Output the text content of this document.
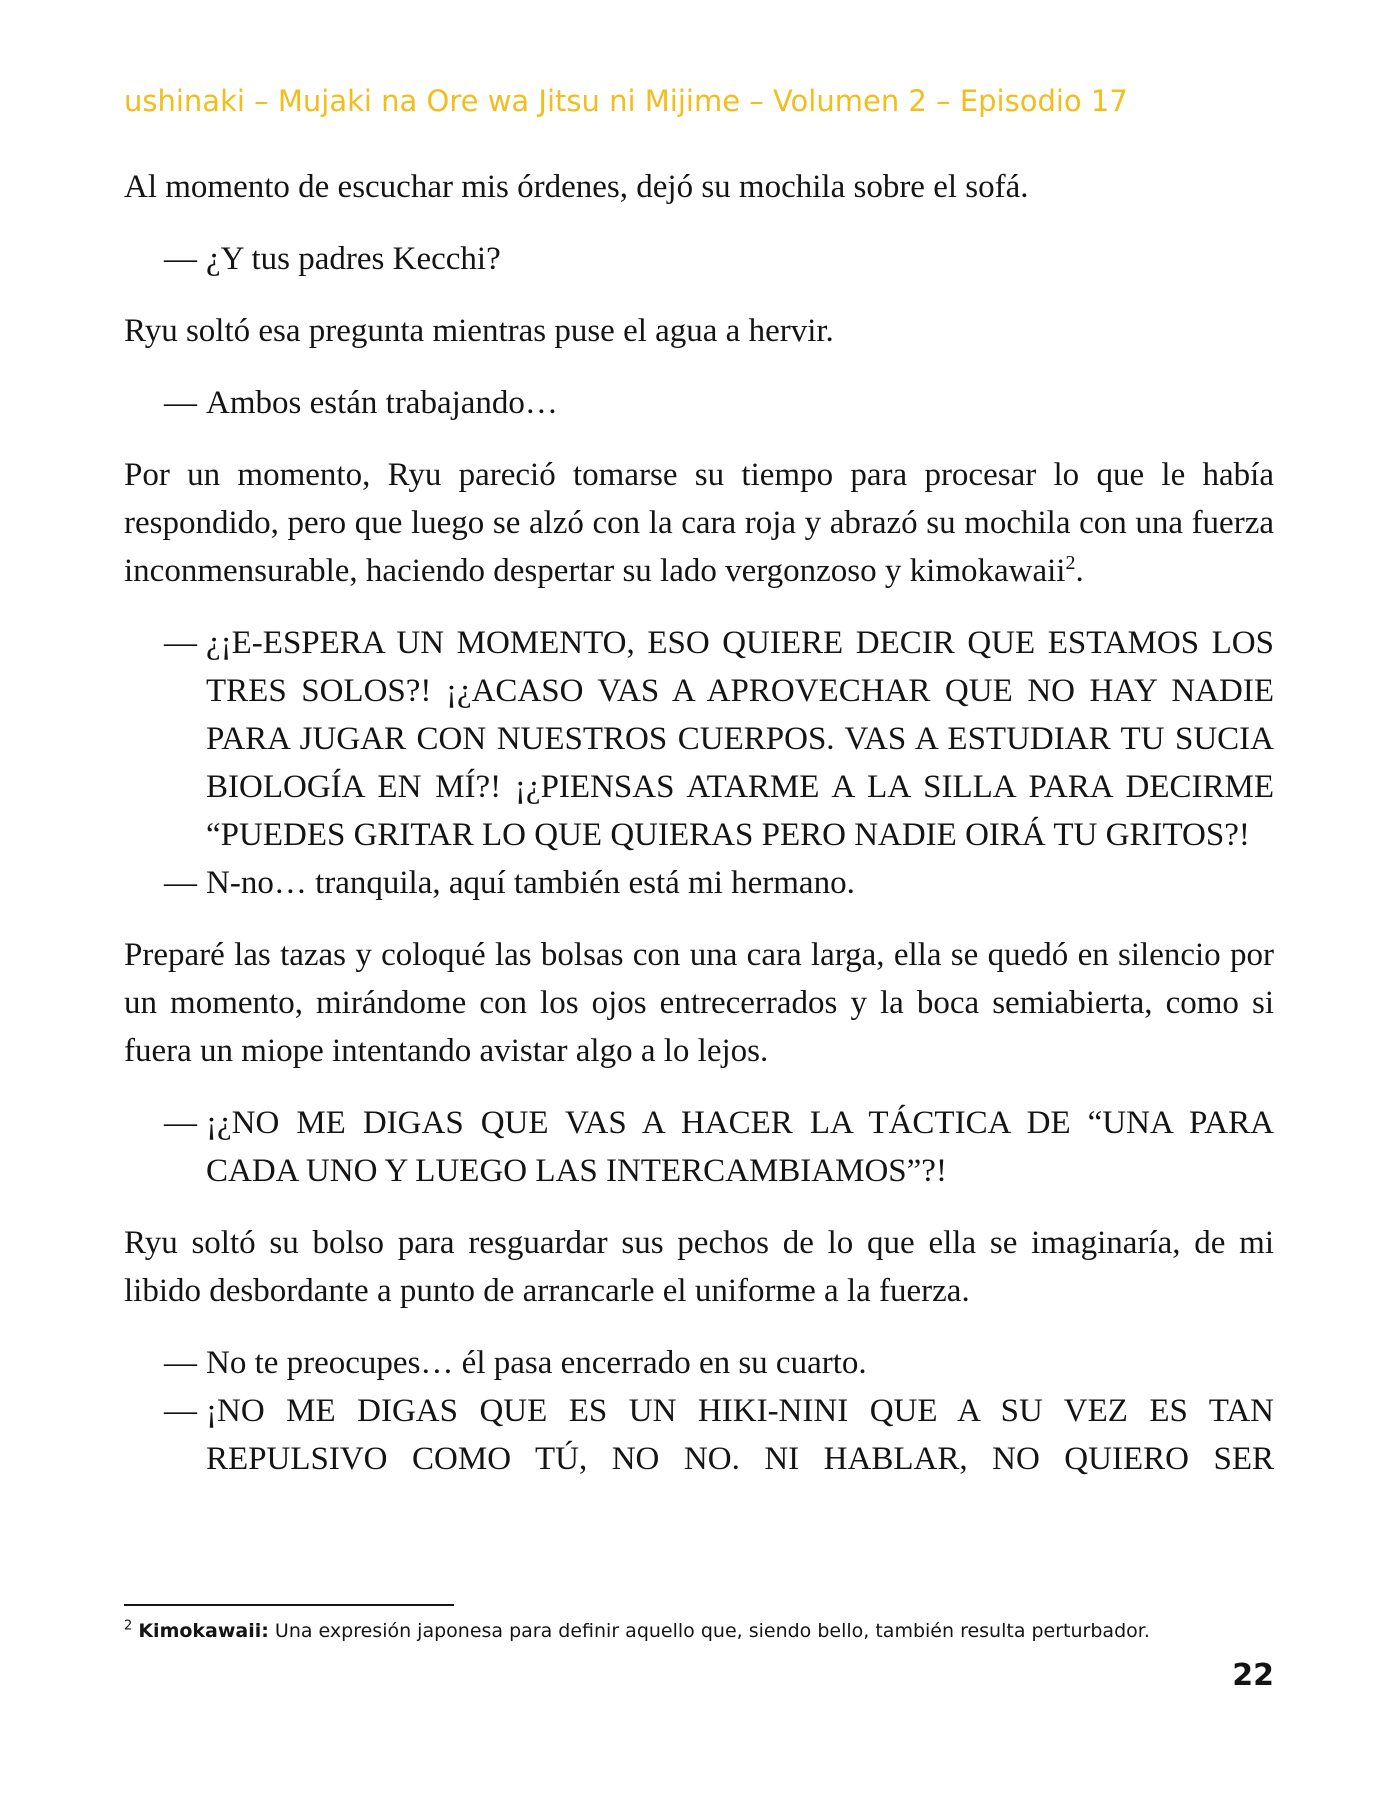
ushinaki – Mujaki na Ore wa Jitsu ni Mijime – Volumen 2 – Episodio 17

Al momento de escuchar mis órdenes, dejó su mochila sobre el sofá.

— ¿Y tus padres Kecchi?

Ryu soltó esa pregunta mientras puse el agua a hervir.

— Ambos están trabajando…

Por un momento, Ryu pareció tomarse su tiempo para procesar lo que le había respondido, pero que luego se alzó con la cara roja y abrazó su mochila con una fuerza inconmensurable, haciendo despertar su lado vergonzoso y kimokawaii$^2$.

— ¿¡E-ESPERA UN MOMENTO, ESO QUIERE DECIR QUE ESTAMOS LOS TRES SOLOS?! ¡¿ACASO VAS A APROVECHAR QUE NO HAY NADIE PARA JUGAR CON NUESTROS CUERPOS. VAS A ESTUDIAR TU SUCIA BIOLOGÍA EN MÍ?! ¡¿PIENSAS ATARME A LA SILLA PARA DECIRME “PUEDES GRITAR LO QUE QUIERAS PERO NADIE OIRÁ TU GRITOS?!
— N-no… tranquila, aquí también está mi hermano.

Preparé las tazas y coloqué las bolsas con una cara larga, ella se quedó en silencio por un momento, mirándome con los ojos entrecerrados y la boca semiabierta, como si fuera un miope intentando avistar algo a lo lejos.

— ¡¿NO ME DIGAS QUE VAS A HACER LA TÁCTICA DE “UNA PARA CADA UNO Y LUEGO LAS INTERCAMBIAMOS”?!

Ryu soltó su bolso para resguardar sus pechos de lo que ella se imaginaría, de mi libido desbordante a punto de arrancarle el uniforme a la fuerza.

— No te preocupes… él pasa encerrado en su cuarto.
— ¡NO ME DIGAS QUE ES UN HIKI-NINI QUE A SU VEZ ES TAN REPULSIVO COMO TÚ, NO NO. NI HABLAR, NO QUIERO SER
$^2$ Kimokawaii: Una expresión japonesa para definir aquello que, siendo bello, también resulta perturbador.
22
